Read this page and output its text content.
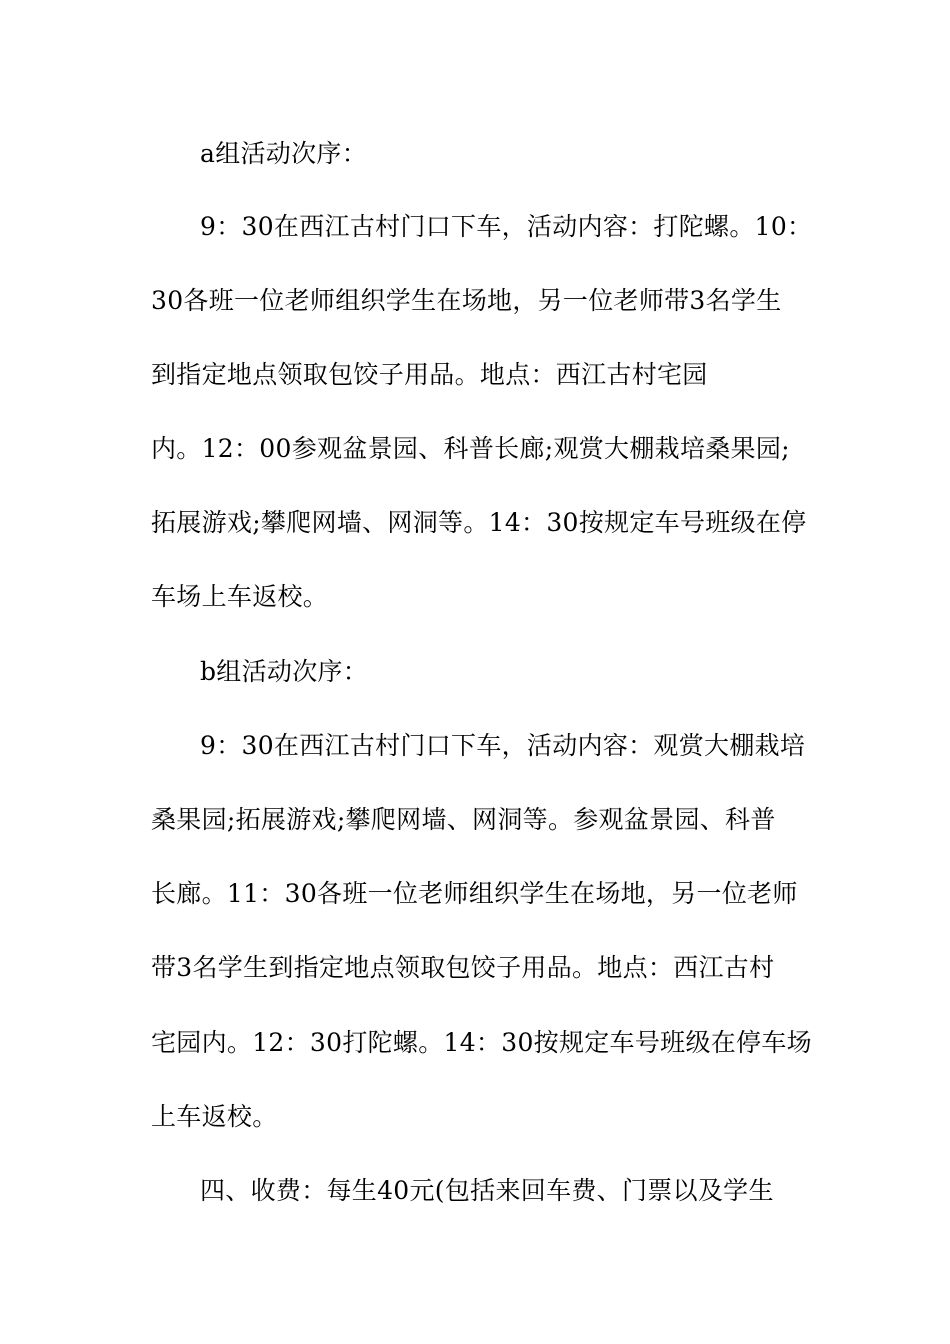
a组活动次序：
9：30在西江古村门口下车，活动内容：打陀螺。10：
30各班一位老师组织学生在场地，另一位老师带3名学生
到指定地点领取包饺子用品。地点：西江古村宅园
内。12：00参观盆景园、科普长廊;观赏大棚栽培桑果园;
拓展游戏;攀爬网墙、网洞等。14：30按规定车号班级在停
车场上车返校。
b组活动次序：
9：30在西江古村门口下车，活动内容：观赏大棚栽培
桑果园;拓展游戏;攀爬网墙、网洞等。参观盆景园、科普
长廊。11：30各班一位老师组织学生在场地，另一位老师
带3名学生到指定地点领取包饺子用品。地点：西江古村
宅园内。12：30打陀螺。14：30按规定车号班级在停车场
上车返校。
四、收费：每生40元(包括来回车费、门票以及学生
